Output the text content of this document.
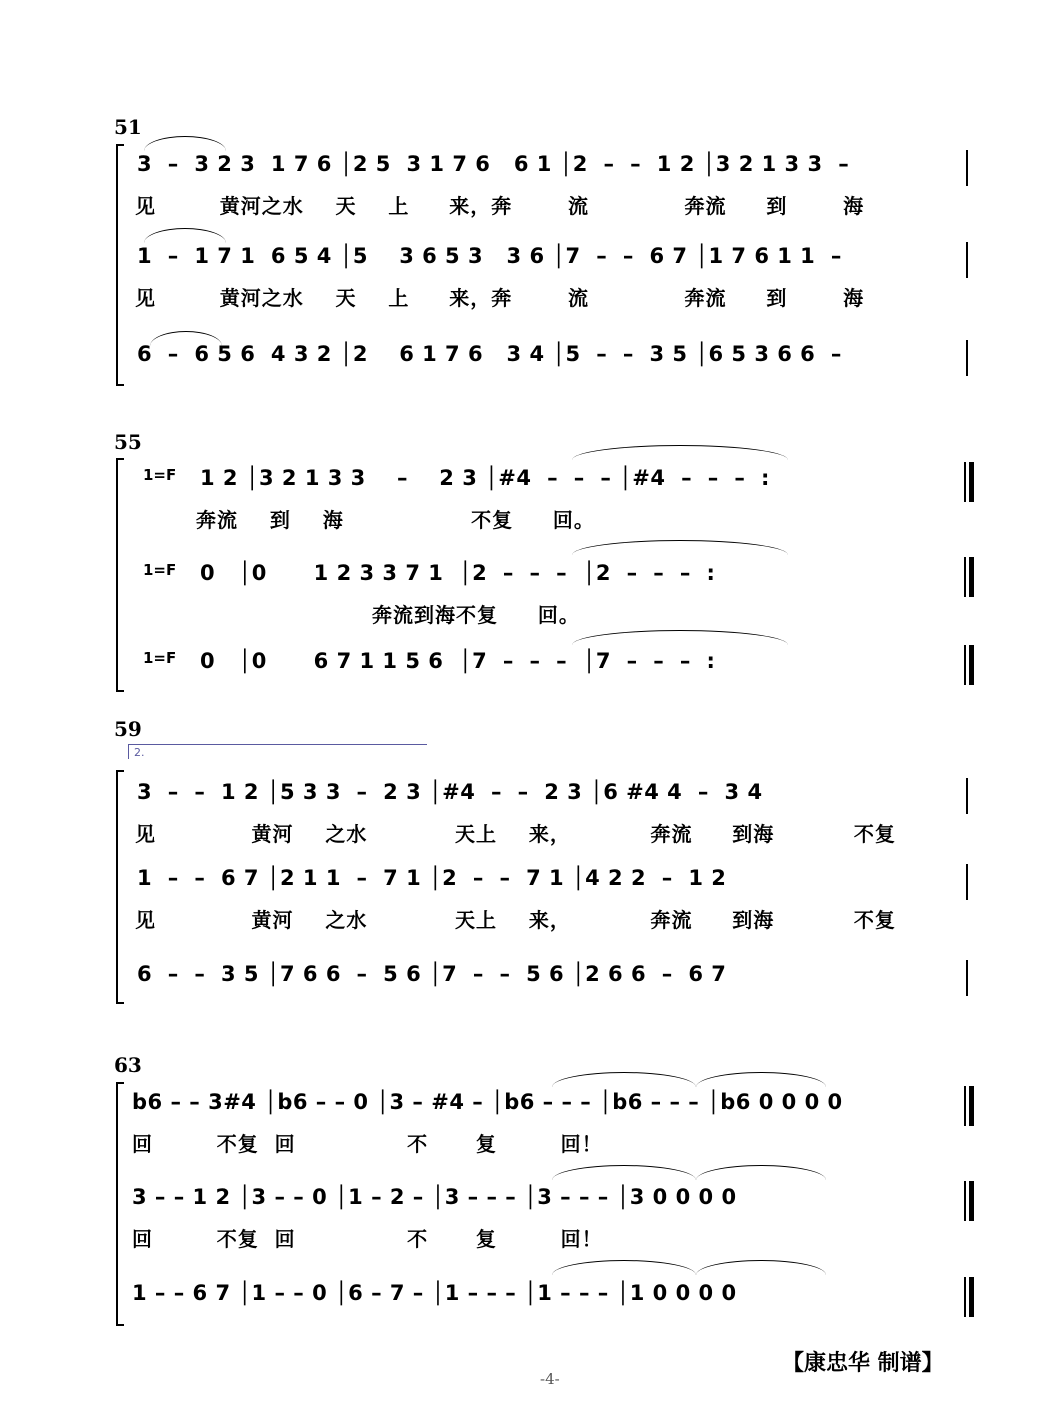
51
3  –  3 2 3  1 7 6 │2 5  3 1 7 6   6 1 │2  –  –  1 2 │3 2 1 3 3  –
见        黄河之水    天    上     来，奔       流            奔流     到       海
1  –  1 7 1  6 5 4 │5    3 6 5 3   3 6 │7  –  –  6 7 │1 7 6 1 1  –
见        黄河之水    天    上     来，奔       流            奔流     到       海
6  –  6 5 6  4 3 2 │2    6 1 7 6   3 4 │5  –  –  3 5 │6 5 3 6 6  –
55
1=F 1 2 │3 2 1 3 3    –    2 3 │#4  –  –  – │#4  –  –  –  :
奔流    到    海                不复     回。
1=F 0   │0      1 2 3 3 7 1  │2  –  –  –  │2  –  –  –  :
奔流到海不复     回。
1=F 0   │0      6 7 1 1 5 6  │7  –  –  –  │7  –  –  –  :
59
2.
3  –  –  1 2 │5 3 3  –  2 3 │#4  –  –  2 3 │6 #4 4  –  3 4
见            黄河    之水           天上    来，          奔流     到海          不复
1  –  –  6 7 │2 1 1  –  7 1 │2  –  –  7 1 │4 2 2  –  1 2
见            黄河    之水           天上    来，          奔流     到海          不复
6  –  –  3 5 │7 6 6  –  5 6 │7  –  –  5 6 │2 6 6  –  6 7
63
b6 – – 3#4 │b6 – – 0 │3 – #4 – │b6 – – – │b6 – – – │b6 0 0 0 0
回        不复  回              不      复        回！
3 – – 1 2 │3 – – 0 │1 – 2 – │3 – – – │3 – – – │3 0 0 0 0
回        不复  回              不      复        回！
1 – – 6 7 │1 – – 0 │6 – 7 – │1 – – – │1 – – – │1 0 0 0 0
【康忠华 制谱】
-4-
